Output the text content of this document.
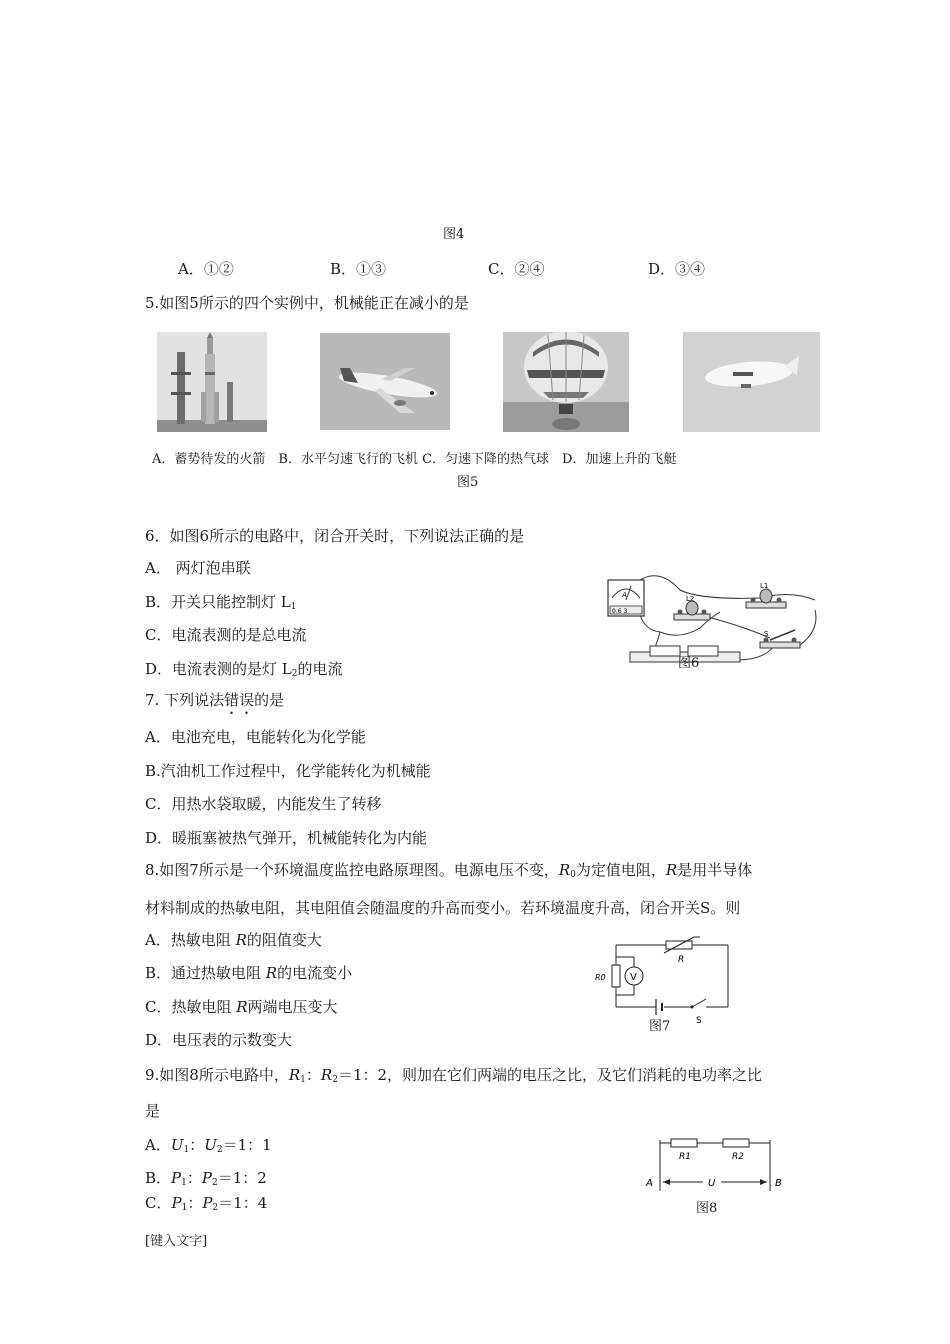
图4
A．①②	B．①③	C．②④	D．③④
5.如图5所示的四个实例中，机械能正在减小的是
A．蓄势待发的火箭　B．水平匀速飞行的飞机 C．匀速下降的热气球　D．加速上升的飞艇
图5
6．如图6所示的电路中，闭合开关时，下列说法正确的是
A． 两灯泡串联
B．开关只能控制灯 $L_1$
C．电流表测的是总电流
D．电流表测的是灯 $L_2$的电流
A
0.6 3
L2
L1
S
图6
7. 下列说法错误的是
A．电池充电，电能转化为化学能
B.汽油机工作过程中，化学能转化为机械能
C．用热水袋取暖，内能发生了转移
D．暖瓶塞被热气弹开，机械能转化为内能
8.如图7所示是一个环境温度监控电路原理图。电源电压不变，$R_0$为定值电阻，R是用半导体
材料制成的热敏电阻，其电阻值会随温度的升高而变小。若环境温度升高，闭合开关S。则
A．热敏电阻 R的阻值变大
B．通过热敏电阻 R的电流变小
C．热敏电阻 R两端电压变大
D．电压表的示数变大
V
R
R0
S
图7
9.如图8所示电路中，$R_1$：$R_2=1$：2，则加在它们两端的电压之比，及它们消耗的电功率之比
是
A．$U_1$：$U_2=1$：1
B．$P_1$：$P_2=1$：2
C．$P_1$：$P_2=1$：4
R1	R2
A	U	B
图8
[键入文字]
